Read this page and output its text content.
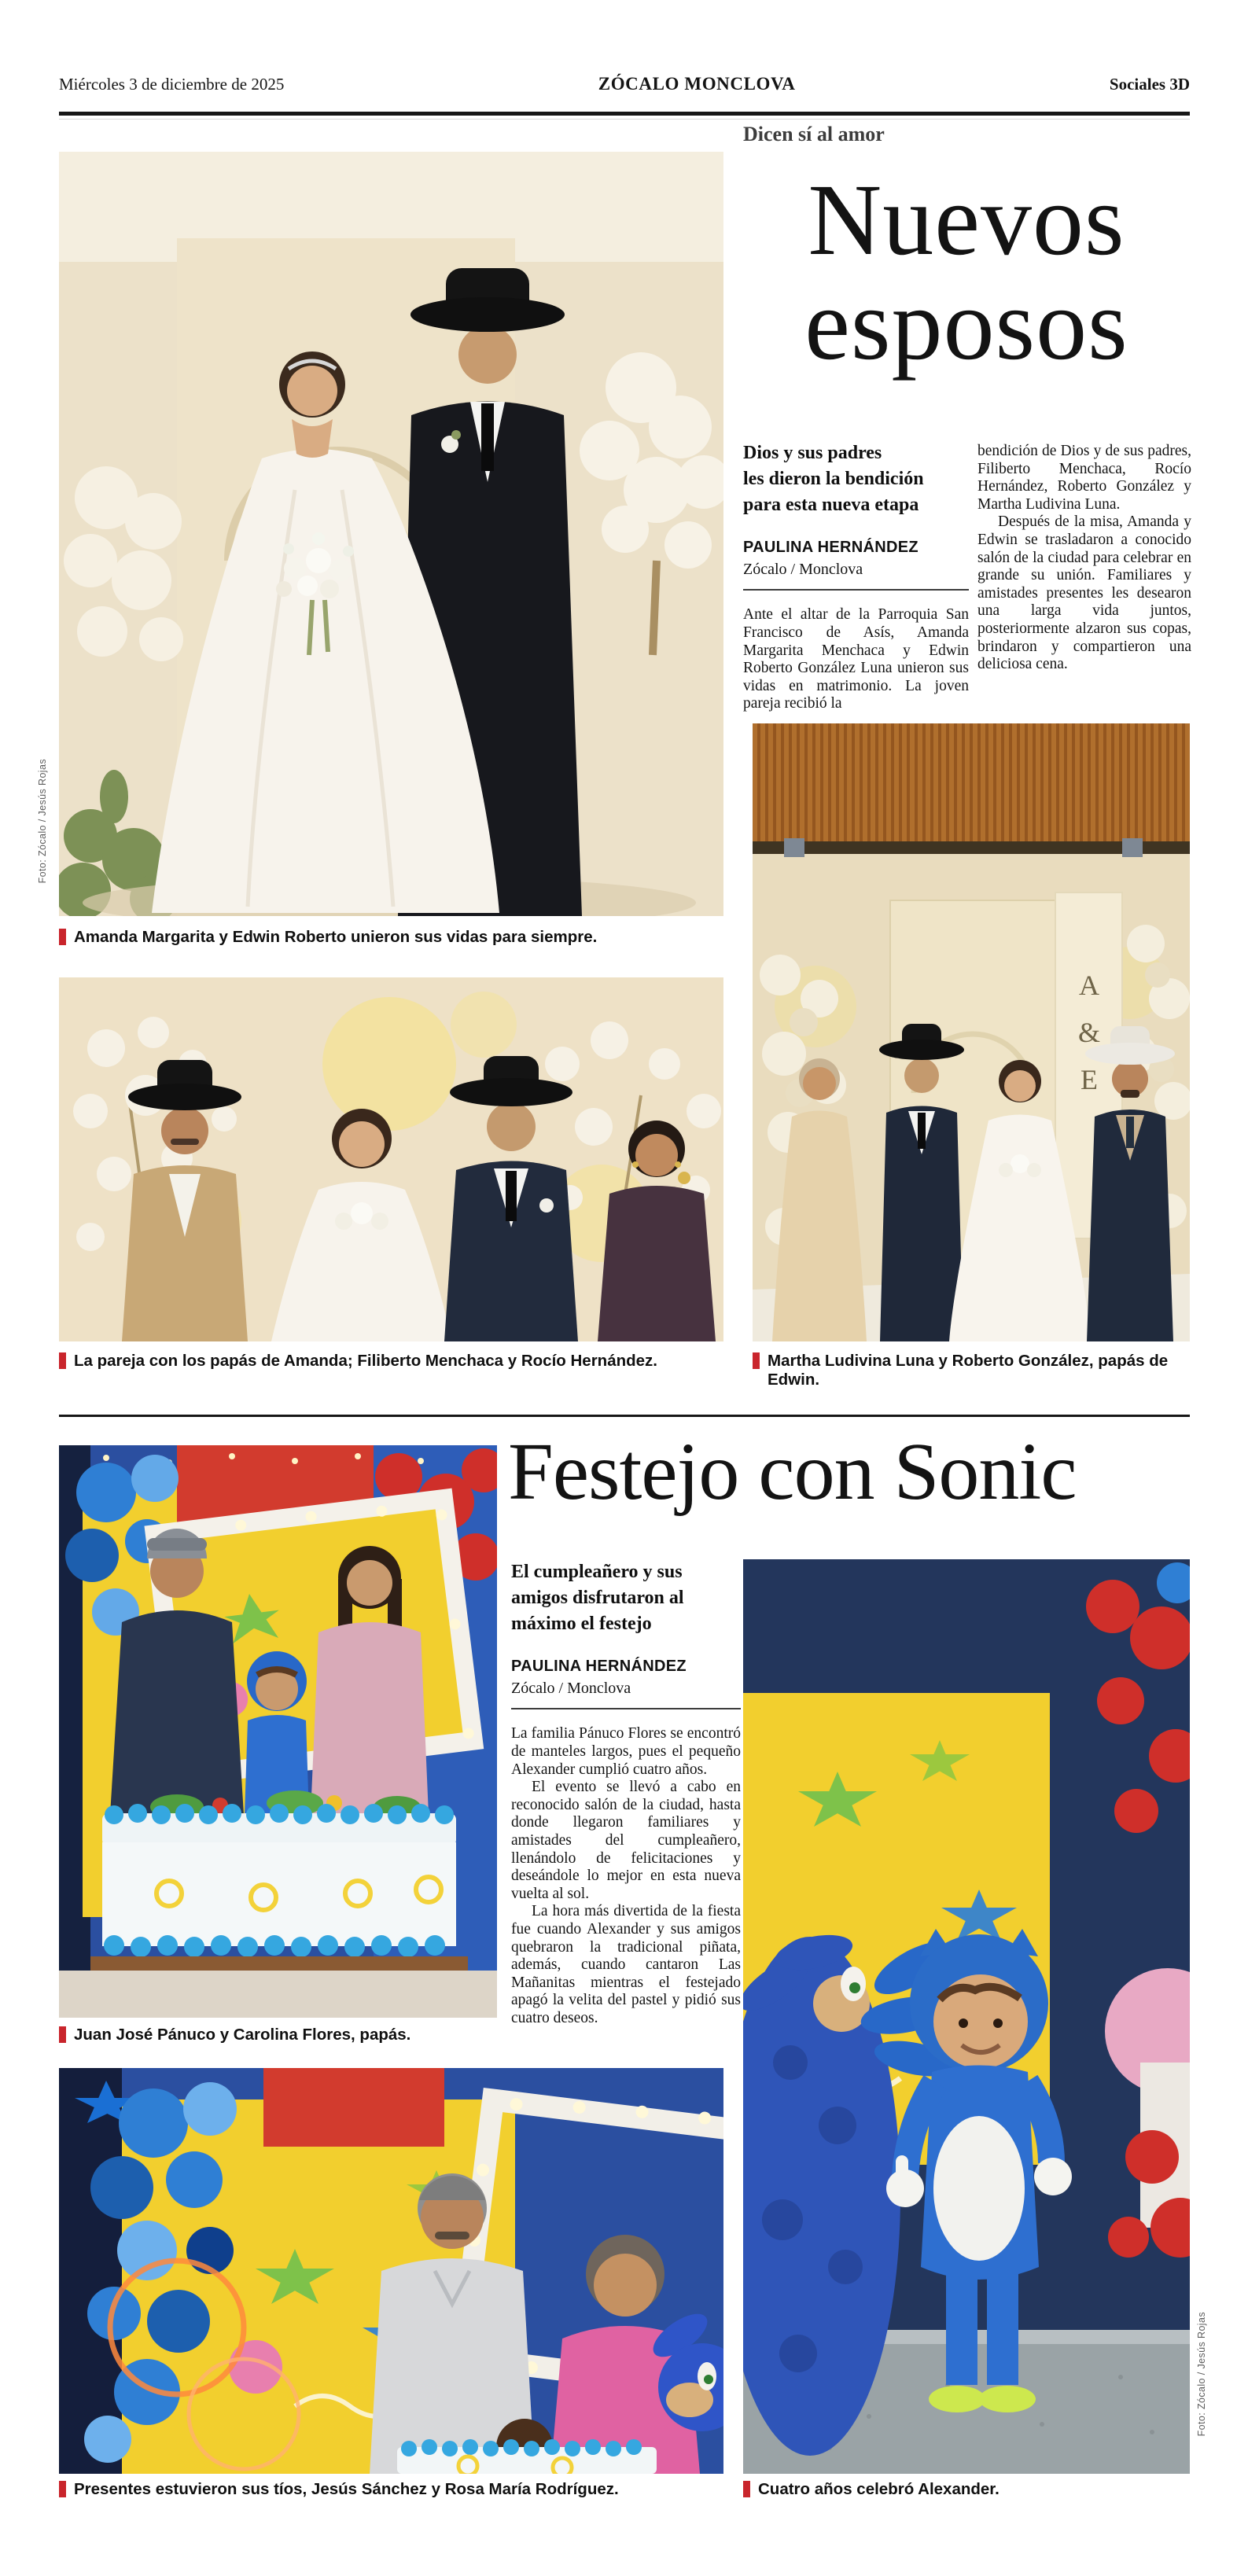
A
&
E
Miércoles 3 de diciembre de 2025	ZÓCALO MONCLOVA	Sociales 3D
Dicen sí al amor
Nuevos
esposos
Dios y sus padres
les dieron la bendición
para esta nueva etapa
PAULINA HERNÁNDEZ
Zócalo / Monclova

Ante el altar de la Parroquia San Francisco de Asís, Amanda Margarita Menchaca y Edwin Roberto González Luna unieron sus vidas en matrimonio. La joven pareja recibió la

bendición de Dios y de sus padres, Filiberto Menchaca, Rocío Hernández, Roberto González y Martha Ludivina Luna.

Después de la misa, Amanda y Edwin se trasladaron a conocido salón de la ciudad para celebrar en grande su unión. Familiares y amistades presentes les desearon una larga vida juntos, posteriormente alzaron sus copas, brindaron y compartieron una deliciosa cena.

Foto: Zócalo / Jesús Rojas
Amanda Margarita y Edwin Roberto unieron sus vidas para siempre.
La pareja con los papás de Amanda; Filiberto Menchaca y Rocío Hernández.	Martha Ludivina Luna y Roberto González, papás de Edwin.
Festejo con Sonic
El cumpleañero y sus
amigos disfrutaron al
máximo el festejo
PAULINA HERNÁNDEZ
Zócalo / Monclova

La familia Pánuco Flores se encontró de manteles largos, pues el pequeño Alexander cumplió cuatro años.

El evento se llevó a cabo en reconocido salón de la ciudad, hasta donde llegaron familiares y amistades del cumpleañero, llenándolo de felicitaciones y deseándole lo mejor en esta nueva vuelta al sol.

La hora más divertida de la fiesta fue cuando Alexander y sus amigos quebraron la tradicional piñata, además, cuando cantaron Las Mañanitas mientras el festejado apagó la velita del pastel y pidió sus cuatro deseos.

Foto: Zócalo / Jesús Rojas
Juan José Pánuco y Carolina Flores, papás.
Presentes estuvieron sus tíos, Jesús Sánchez y Rosa María Rodríguez.	Cuatro años celebró Alexander.
